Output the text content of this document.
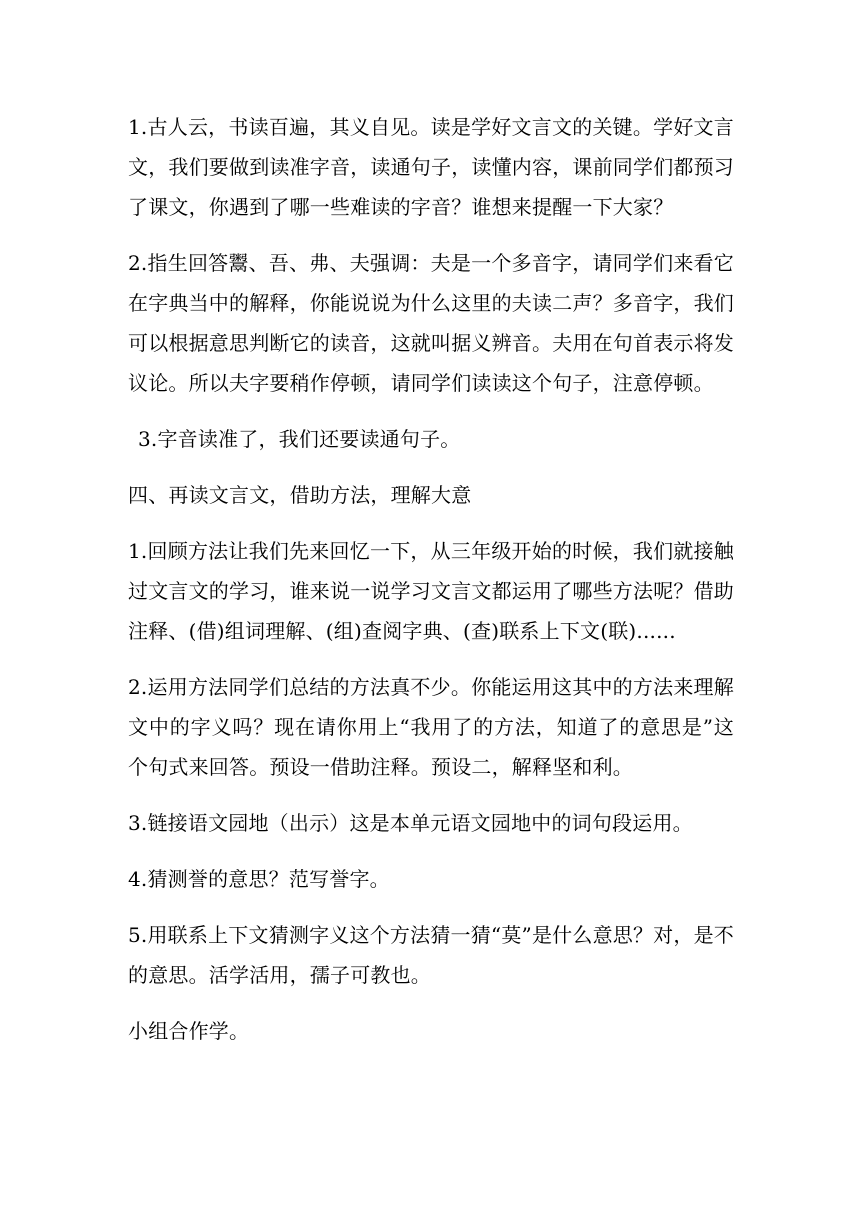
1.古人云，书读百遍，其义自见。读是学好文言文的关键。学好文言文，我们要做到读准字音，读通句子，读懂内容，课前同学们都预习了课文，你遇到了哪一些难读的字音？谁想来提醒一下大家？

2.指生回答鬻、吾、弗、夫强调：夫是一个多音字，请同学们来看它在字典当中的解释，你能说说为什么这里的夫读二声？多音字，我们可以根据意思判断它的读音，这就叫据义辨音。夫用在句首表示将发议论。所以夫字要稍作停顿，请同学们读读这个句子，注意停顿。

3.字音读准了，我们还要读通句子。

四、再读文言文，借助方法，理解大意

1.回顾方法让我们先来回忆一下，从三年级开始的时候，我们就接触过文言文的学习，谁来说一说学习文言文都运用了哪些方法呢？借助注释、(借)组词理解、(组)查阅字典、(查)联系上下文(联)......

2.运用方法同学们总结的方法真不少。你能运用这其中的方法来理解文中的字义吗？现在请你用上“我用了的方法，知道了的意思是”这个句式来回答。预设一借助注释。预设二，解释坚和利。

3.链接语文园地（出示）这是本单元语文园地中的词句段运用。

4.猜测誉的意思？范写誉字。

5.用联系上下文猜测字义这个方法猜一猜“莫”是什么意思？对，是不的意思。活学活用，孺子可教也。

小组合作学。
